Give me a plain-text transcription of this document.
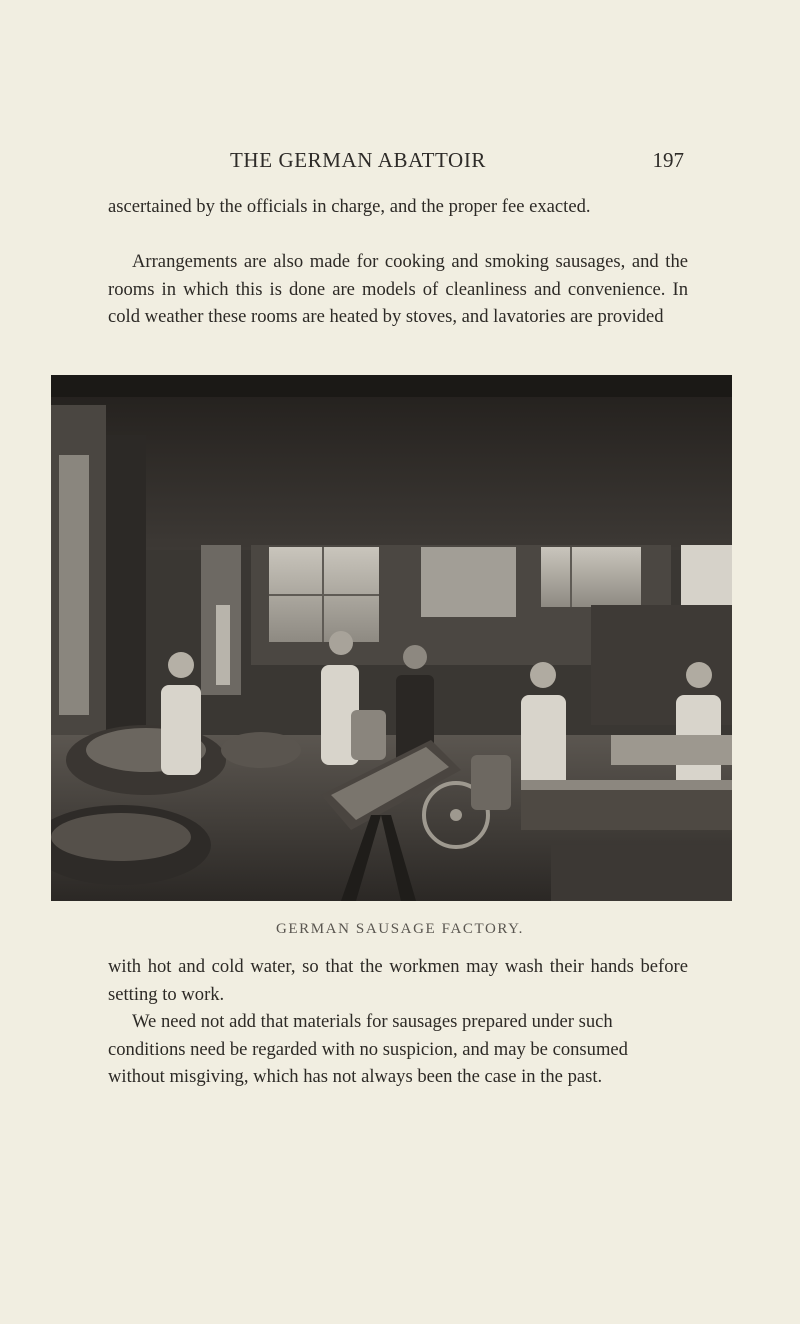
THE GERMAN ABATTOIR	197

ascertained by the officials in charge, and the proper fee exacted.

Arrangements are also made for cooking and smoking sausages, and the rooms in which this is done are models of cleanliness and convenience. In cold weather these rooms are heated by stoves, and lavatories are provided

GERMAN SAUSAGE FACTORY.

with hot and cold water, so that the workmen may wash their hands before setting to work.

We need not add that materials for sausages prepared under such conditions need be regarded with no suspicion, and may be consumed without misgiving, which has not always been the case in the past.
